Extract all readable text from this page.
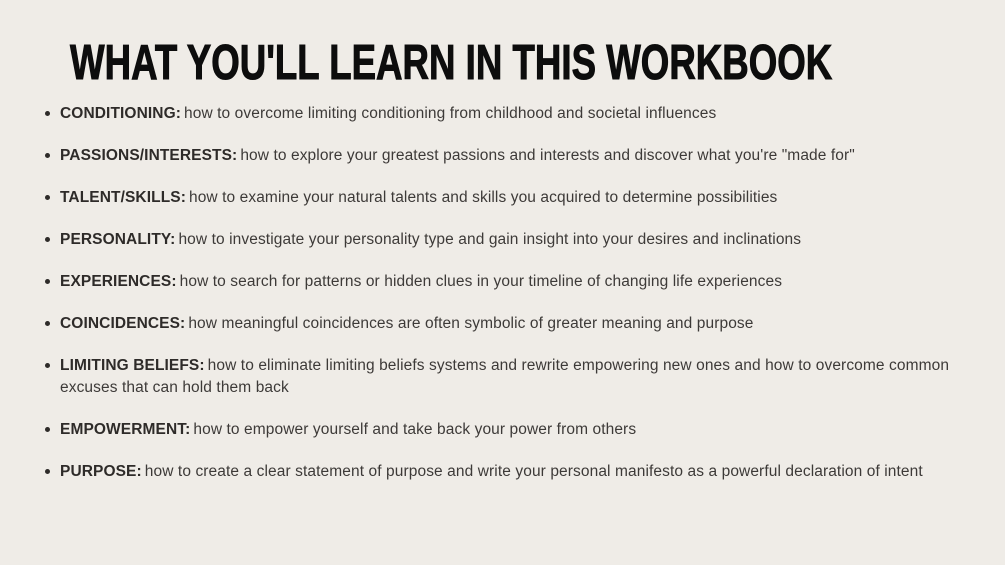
WHAT YOU'LL LEARN IN THIS WORKBOOK
CONDITIONING: how to overcome limiting conditioning from childhood and societal influences
PASSIONS/INTERESTS: how to explore your greatest passions and interests and discover what you're "made for"
TALENT/SKILLS: how to examine your natural talents and skills you acquired to determine possibilities
PERSONALITY: how to investigate your personality type and gain insight into your desires and inclinations
EXPERIENCES: how to search for patterns or hidden clues in your timeline of changing life experiences
COINCIDENCES: how meaningful coincidences are often symbolic of greater meaning and purpose
LIMITING BELIEFS: how to eliminate limiting beliefs systems and rewrite empowering new ones and how to overcome common excuses that can hold them back
EMPOWERMENT: how to empower yourself and take back your power from others
PURPOSE: how to create a clear statement of purpose and write your personal manifesto as a powerful declaration of intent
